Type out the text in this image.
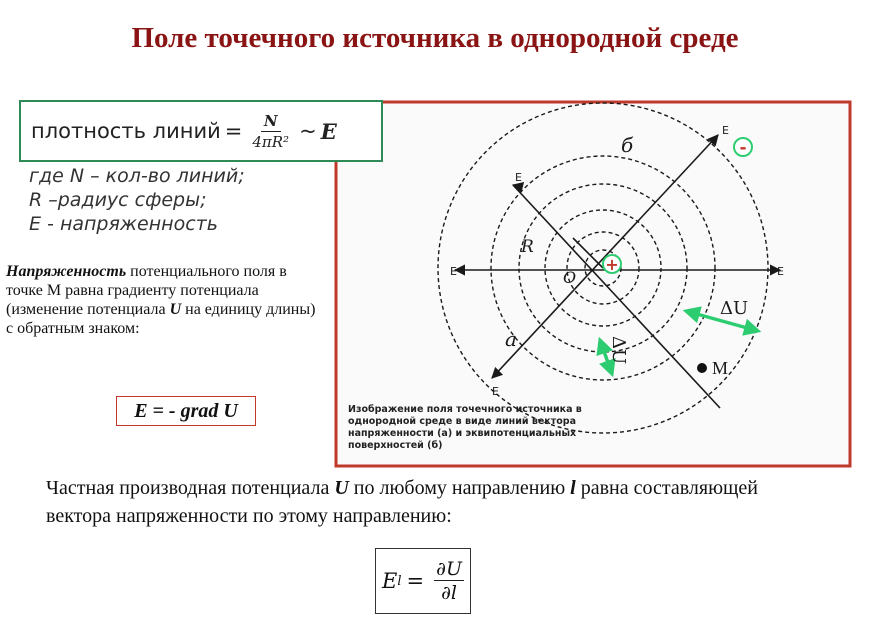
Поле точечного источника в однородной среде
+
-
E
E
E	E
E
б
а
R
O
ΔU
ΔU
M
Изображение поля точечного источника в
однородной среде в виде линий вектора
напряженности (а) и эквипотенциальных
поверхностей (б)
плотность линий = $\frac{N}{\text{4πR²}}$ ~ E
где N – кол-во линий;
R –радиус сферы;
E - напряженность
Напряженность потенциального поля в точке М равна градиенту потенциала (изменение потенциала U на единицу длины) с обратным знаком:
E = - grad U
Частная производная потенциала U по любому направлению l равна составляющей вектора напряженности по этому направлению:
E $l = \frac{\partial U}{\partial l}$
